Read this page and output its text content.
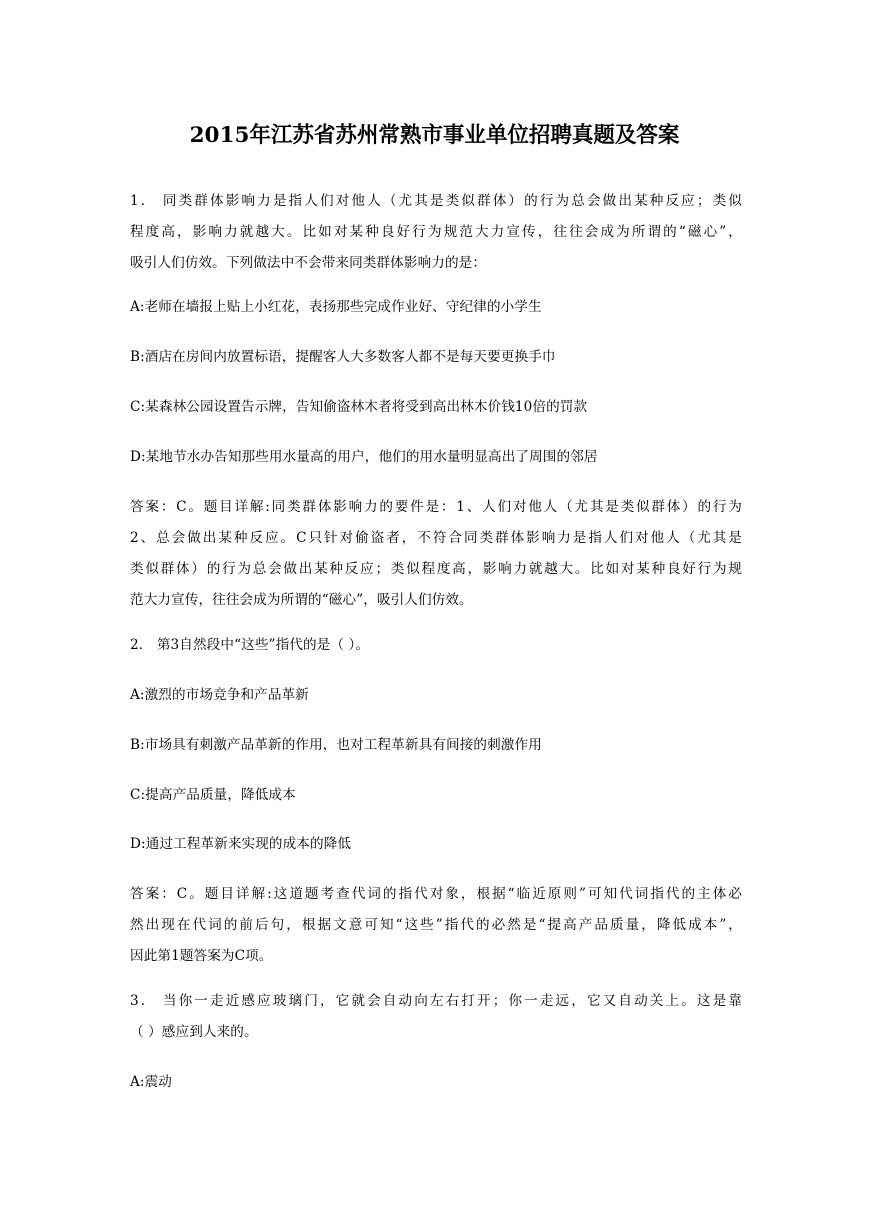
2015年江苏省苏州常熟市事业单位招聘真题及答案
1． 同类群体影响力是指人们对他人（尤其是类似群体）的行为总会做出某种反应；类似
程度高，影响力就越大。比如对某种良好行为规范大力宣传，往往会成为所谓的“磁心”，
吸引人们仿效。下列做法中不会带来同类群体影响力的是：
A:老师在墙报上贴上小红花，表扬那些完成作业好、守纪律的小学生
B:酒店在房间内放置标语，提醒客人大多数客人都不是每天要更换手巾
C:某森林公园设置告示牌，告知偷盗林木者将受到高出林木价钱10倍的罚款
D:某地节水办告知那些用水量高的用户，他们的用水量明显高出了周围的邻居
答案：C。题目详解:同类群体影响力的要件是：1、人们对他人（尤其是类似群体）的行为
2、总会做出某种反应。C只针对偷盗者，不符合同类群体影响力是指人们对他人（尤其是
类似群体）的行为总会做出某种反应；类似程度高，影响力就越大。比如对某种良好行为规
范大力宣传，往往会成为所谓的“磁心”，吸引人们仿效。
2． 第3自然段中“这些”指代的是（ ）。
A:激烈的市场竞争和产品革新
B:市场具有刺激产品革新的作用，也对工程革新具有间接的刺激作用
C:提高产品质量，降低成本
D:通过工程革新来实现的成本的降低
答案：C。题目详解:这道题考查代词的指代对象，根据“临近原则”可知代词指代的主体必
然出现在代词的前后句，根据文意可知“这些”指代的必然是“提高产品质量，降低成本”，
因此第1题答案为C项。
3． 当你一走近感应玻璃门，它就会自动向左右打开；你一走远，它又自动关上。这是靠
（ ）感应到人来的。
A:震动
